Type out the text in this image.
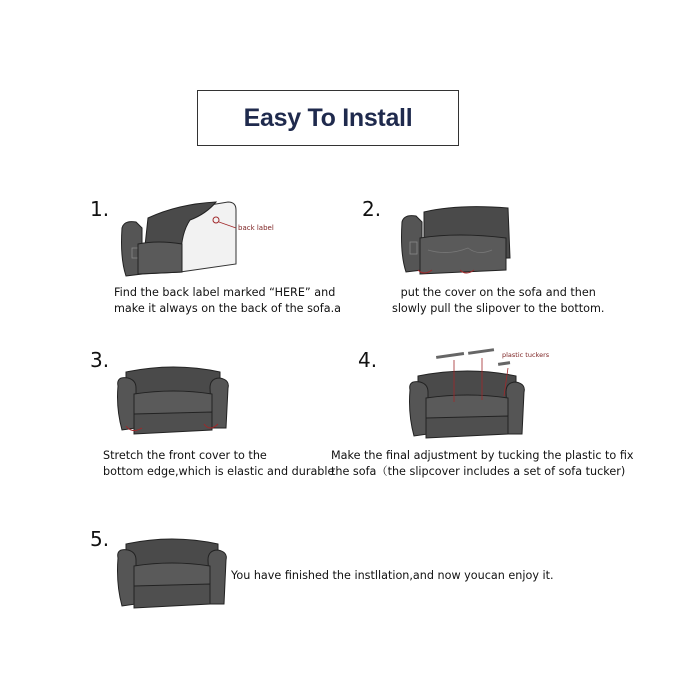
Easy To Install
1.
back label
Find the back label marked “HERE” and
make it always on the back of the sofa.a
2.
put the cover on the sofa and then
slowly pull the slipover to the bottom.
3.
Stretch the front cover to the
bottom edge,which is elastic and durable
4.	plastic tuckers
Make the final adjustment by tucking the plastic to fix
the sofa（the slipcover includes a set of sofa tucker)
5.
You have finished the instllation,and now youcan enjoy it.
